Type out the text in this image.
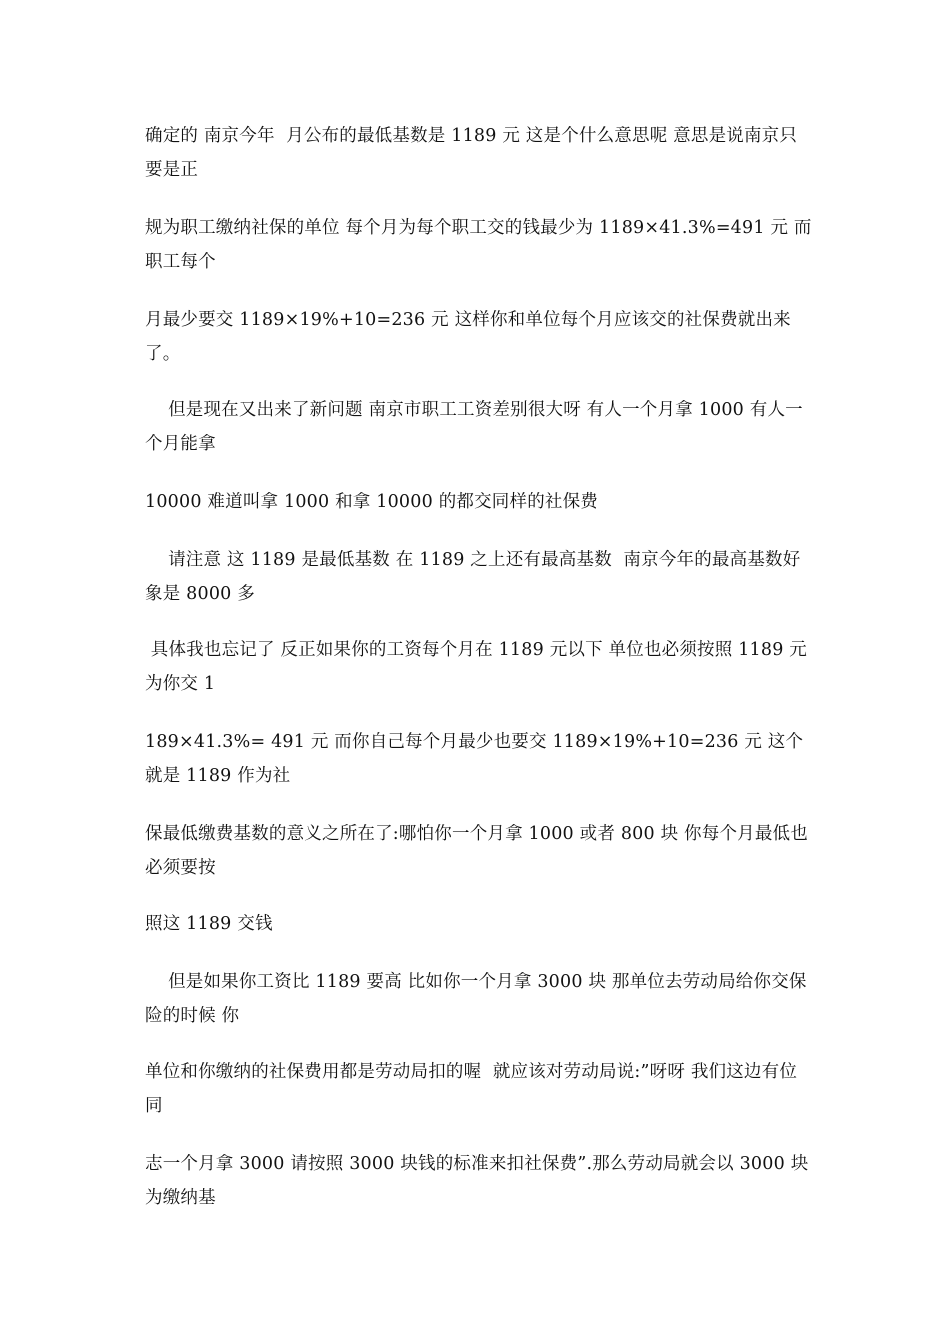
确定的 南京今年  月公布的最低基数是 1189 元 这是个什么意思呢 意思是说南京只要是正

规为职工缴纳社保的单位 每个月为每个职工交的钱最少为 1189×41.3%=491 元 而职工每个

月最少要交 1189×19%+10=236 元 这样你和单位每个月应该交的社保费就出来了。

但是现在又出来了新问题 南京市职工工资差别很大呀 有人一个月拿 1000 有人一个月能拿

10000 难道叫拿 1000 和拿 10000 的都交同样的社保费

请注意 这 1189 是最低基数 在 1189 之上还有最高基数  南京今年的最高基数好象是 8000 多

具体我也忘记了 反正如果你的工资每个月在 1189 元以下 单位也必须按照 1189 元为你交 1

189×41.3%= 491 元 而你自己每个月最少也要交 1189×19%+10=236 元 这个就是 1189 作为社

保最低缴费基数的意义之所在了:哪怕你一个月拿 1000 或者 800 块 你每个月最低也必须要按

照这 1189 交钱

但是如果你工资比 1189 要高 比如你一个月拿 3000 块 那单位去劳动局给你交保险的时候 你

单位和你缴纳的社保费用都是劳动局扣的喔  就应该对劳动局说:”呀呀 我们这边有位同

志一个月拿 3000 请按照 3000 块钱的标准来扣社保费”.那么劳动局就会以 3000 块为缴纳基
